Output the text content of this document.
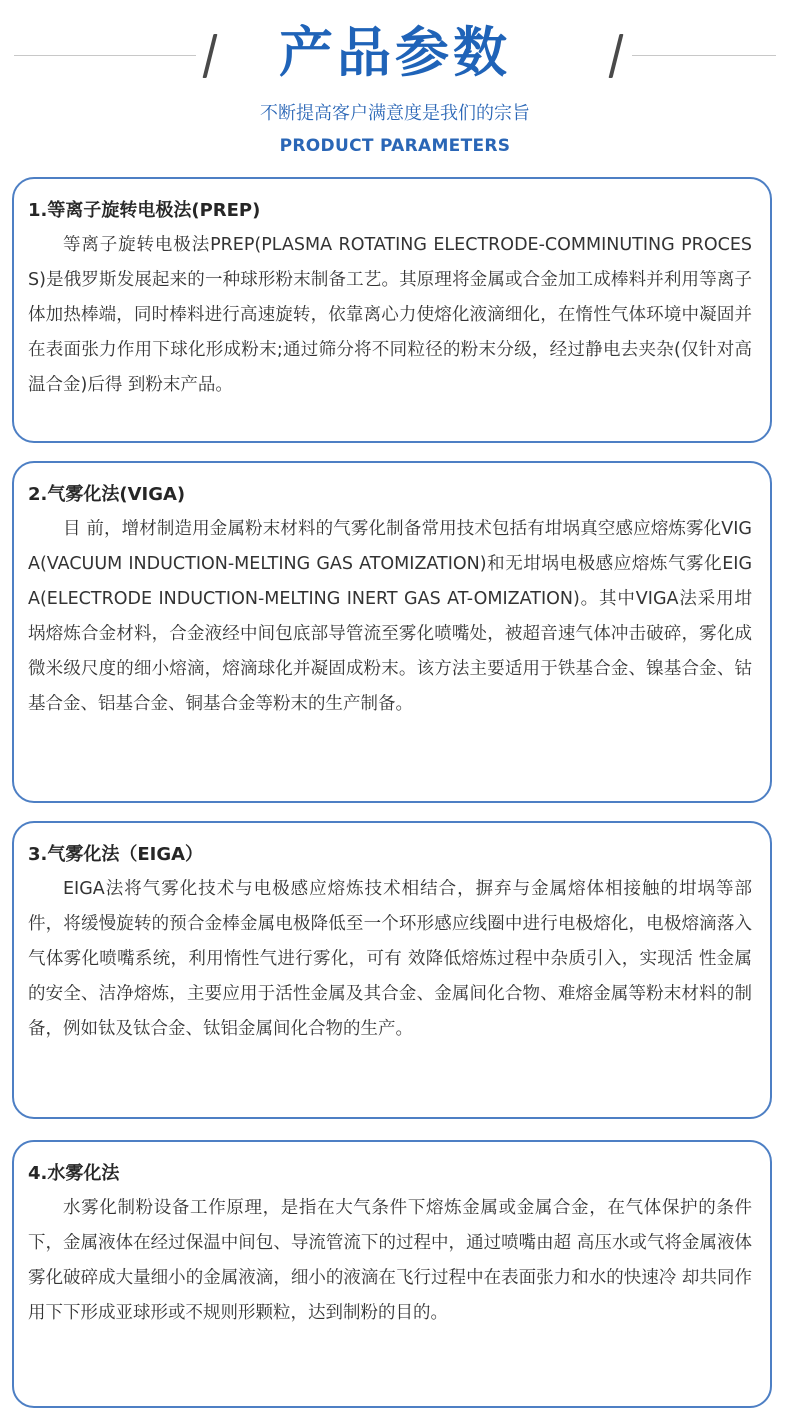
产品参数
不断提高客户满意度是我们的宗旨
PRODUCT PARAMETERS
1.等离子旋转电极法(PREP)

等离子旋转电极法PREP(PLASMA ROTATING ELECTRODE-COMMINUTING PROCESS)是俄罗斯发展起来的一种球形粉末制备工艺。其原理将金属或合金加工成棒料并利用等离子体加热棒端，同时棒料进行高速旋转，依靠离心力使熔化液滴细化，在惰性气体环境中凝固并在表面张力作用下球化形成粉末;通过筛分将不同粒径的粉末分级，经过静电去夹杂(仅针对高温合金)后得 到粉末产品。

2.气雾化法(VIGA)

目 前，增材制造用金属粉末材料的气雾化制备常用技术包括有坩埚真空感应熔炼雾化VIGA(VACUUM INDUCTION-MELTING GAS ATOMIZATION)和无坩埚电极感应熔炼气雾化EIGA(ELECTRODE INDUCTION-MELTING INERT GAS AT-OMIZATION)。其中VIGA法采用坩埚熔炼合金材料，合金液经中间包底部导管流至雾化喷嘴处，被超音速气体冲击破碎，雾化成微米级尺度的细小熔滴，熔滴球化并凝固成粉末。该方法主要适用于铁基合金、镍基合金、钴基合金、铝基合金、铜基合金等粉末的生产制备。

3.气雾化法（EIGA）

EIGA法将气雾化技术与电极感应熔炼技术相结合，摒弃与金属熔体相接触的坩埚等部件，将缓慢旋转的预合金棒金属电极降低至一个环形感应线圈中进行电极熔化，电极熔滴落入气体雾化喷嘴系统，利用惰性气进行雾化，可有 效降低熔炼过程中杂质引入，实现活 性金属的安全、洁净熔炼，主要应用于活性金属及其合金、金属间化合物、难熔金属等粉末材料的制备，例如钛及钛合金、钛铝金属间化合物的生产。

4.水雾化法

水雾化制粉设备工作原理，是指在大气条件下熔炼金属或金属合金，在气体保护的条件下，金属液体在经过保温中间包、导流管流下的过程中，通过喷嘴由超 高压水或气将金属液体雾化破碎成大量细小的金属液滴，细小的液滴在飞行过程中在表面张力和水的快速冷 却共同作用下下形成亚球形或不规则形颗粒，达到制粉的目的。
